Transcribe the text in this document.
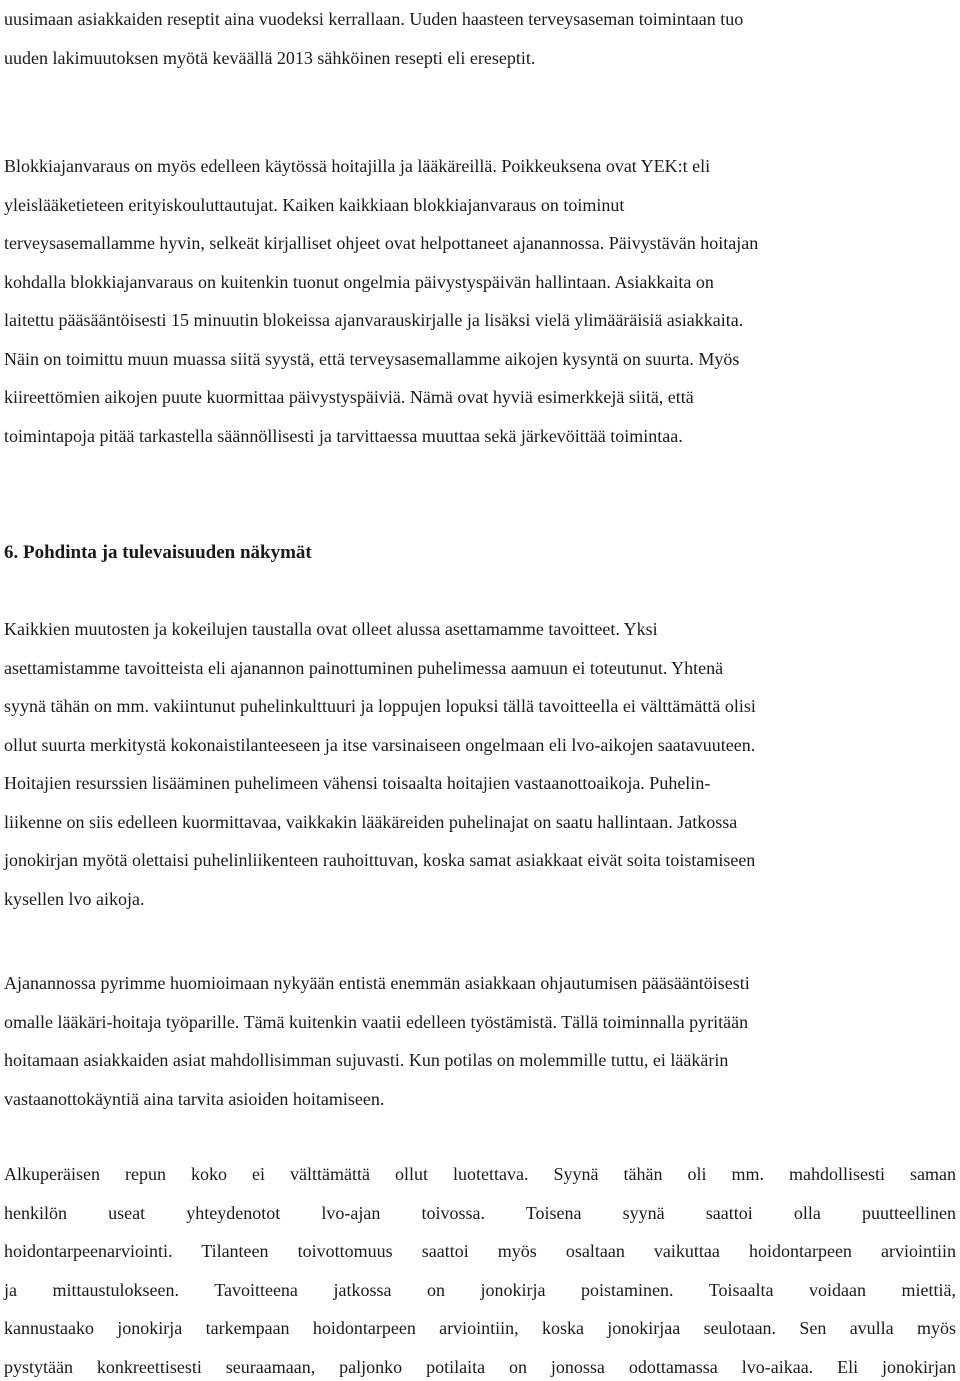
uusimaan asiakkaiden reseptit aina vuodeksi kerrallaan. Uuden haasteen terveysaseman toimintaan tuo
uuden lakimuutoksen myötä keväällä 2013 sähköinen resepti eli ereseptit.

Blokkiajanvaraus on myös edelleen käytössä hoitajilla ja lääkäreillä. Poikkeuksena ovat YEK:t eli
yleislääketieteen erityiskouluttautujat. Kaiken kaikkiaan blokkiajanvaraus on toiminut
terveysasemallamme hyvin, selkeät kirjalliset ohjeet ovat helpottaneet ajanannossa. Päivystävän hoitajan
kohdalla blokkiajanvaraus on kuitenkin tuonut ongelmia päivystyspäivän hallintaan. Asiakkaita on
laitettu pääsääntöisesti 15 minuutin blokeissa ajanvarauskirjalle ja lisäksi vielä ylimääräisiä asiakkaita.
Näin on toimittu muun muassa siitä syystä, että terveysasemallamme aikojen kysyntä on suurta. Myös
kiireettömien aikojen puute kuormittaa päivystyspäiviä. Nämä ovat hyviä esimerkkejä siitä, että
toimintapoja pitää tarkastella säännöllisesti ja tarvittaessa muuttaa sekä järkevöittää toimintaa.

6. Pohdinta ja tulevaisuuden näkymät

Kaikkien muutosten ja kokeilujen taustalla ovat olleet alussa asettamamme tavoitteet. Yksi
asettamistamme tavoitteista eli ajanannon painottuminen puhelimessa aamuun ei toteutunut. Yhtenä
syynä tähän on mm. vakiintunut puhelinkulttuuri ja loppujen lopuksi tällä tavoitteella ei välttämättä olisi
ollut suurta merkitystä kokonaistilanteeseen ja itse varsinaiseen ongelmaan eli lvo-aikojen saatavuuteen.
Hoitajien resurssien lisääminen puhelimeen vähensi toisaalta hoitajien vastaanottoaikoja. Puhelin-
liikenne on siis edelleen kuormittavaa, vaikkakin lääkäreiden puhelinajat on saatu hallintaan. Jatkossa
jonokirjan myötä olettaisi puhelinliikenteen rauhoittuvan, koska samat asiakkaat eivät soita toistamiseen
kysellen lvo aikoja.

Ajanannossa pyrimme huomioimaan nykyään entistä enemmän asiakkaan ohjautumisen pääsääntöisesti
omalle lääkäri-hoitaja työparille. Tämä kuitenkin vaatii edelleen työstämistä. Tällä toiminnalla pyritään
hoitamaan asiakkaiden asiat mahdollisimman sujuvasti. Kun potilas on molemmille tuttu, ei lääkärin
vastaanottokäyntiä aina tarvita asioiden hoitamiseen.

Alkuperäisen repun koko ei välttämättä ollut luotettava. Syynä tähän oli mm. mahdollisesti saman
henkilön useat yhteydenotot lvo-ajan toivossa. Toisena syynä saattoi olla puutteellinen
hoidontarpeenarviointi. Tilanteen toivottomuus saattoi myös osaltaan vaikuttaa hoidontarpeen arviointiin
ja mittaustulokseen. Tavoitteena jatkossa on jonokirja poistaminen. Toisaalta voidaan miettiä,
kannustaako jonokirja tarkempaan hoidontarpeen arviointiin, koska jonokirjaa seulotaan. Sen avulla myös
pystytään konkreettisesti seuraamaan, paljonko potilaita on jonossa odottamassa lvo-aikaa. Eli jonokirjan
